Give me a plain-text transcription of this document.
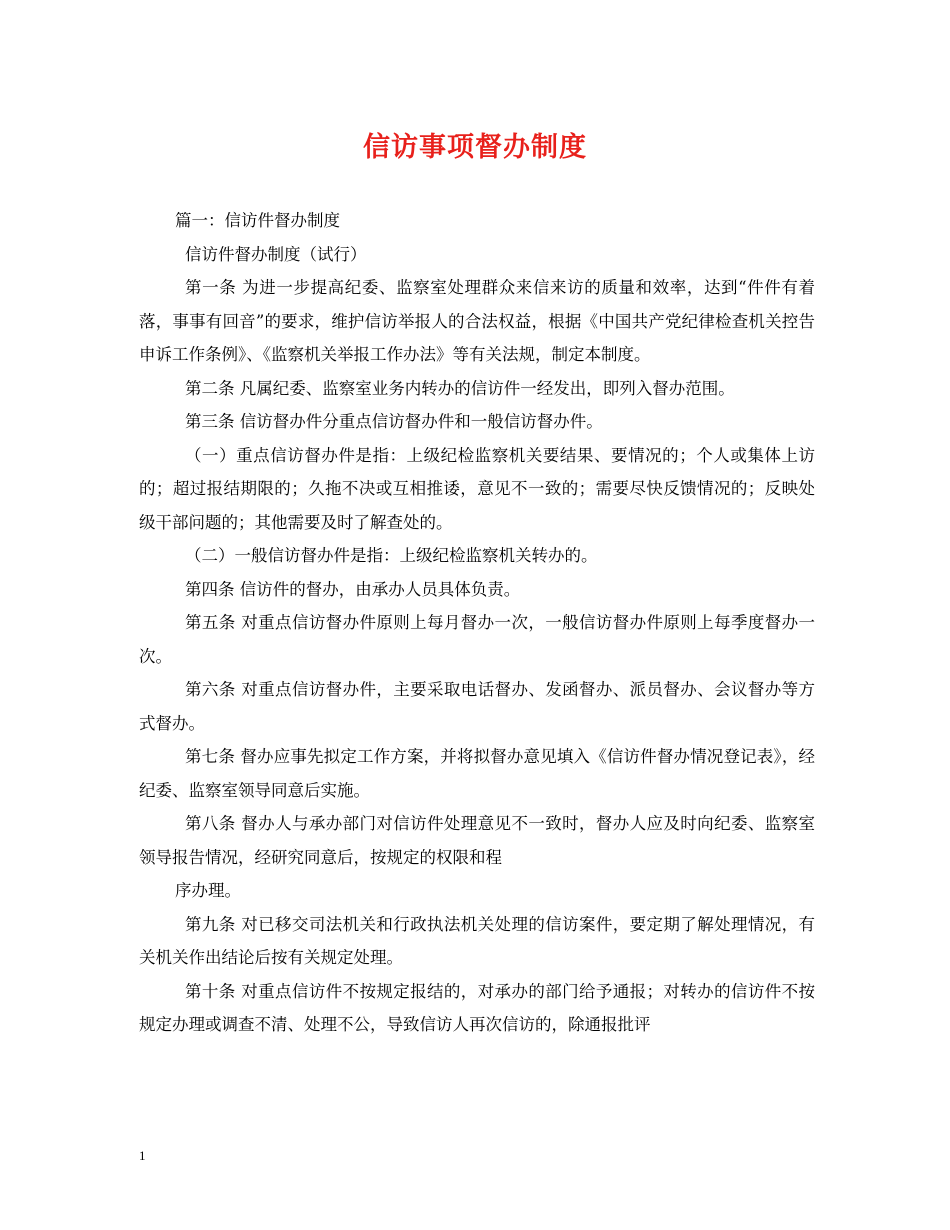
信访事项督办制度

篇一：信访件督办制度

信访件督办制度（试行）

第一条 为进一步提高纪委、监察室处理群众来信来访的质量和效率，达到“件件有着落，事事有回音”的要求，维护信访举报人的合法权益，根据《中国共产党纪律检查机关控告申诉工作条例》、《监察机关举报工作办法》等有关法规，制定本制度。

第二条 凡属纪委、监察室业务内转办的信访件一经发出，即列入督办范围。

第三条 信访督办件分重点信访督办件和一般信访督办件。

（一）重点信访督办件是指：上级纪检监察机关要结果、要情况的；个人或集体上访的；超过报结期限的；久拖不决或互相推诿，意见不一致的；需要尽快反馈情况的；反映处级干部问题的；其他需要及时了解查处的。

（二）一般信访督办件是指：上级纪检监察机关转办的。

第四条 信访件的督办，由承办人员具体负责。

第五条 对重点信访督办件原则上每月督办一次，一般信访督办件原则上每季度督办一次。

第六条 对重点信访督办件，主要采取电话督办、发函督办、派员督办、会议督办等方式督办。

第七条 督办应事先拟定工作方案，并将拟督办意见填入《信访件督办情况登记表》，经纪委、监察室领导同意后实施。

第八条 督办人与承办部门对信访件处理意见不一致时，督办人应及时向纪委、监察室领导报告情况，经研究同意后，按规定的权限和程

序办理。

第九条 对已移交司法机关和行政执法机关处理的信访案件，要定期了解处理情况，有关机关作出结论后按有关规定处理。

第十条 对重点信访件不按规定报结的，对承办的部门给予通报；对转办的信访件不按规定办理或调查不清、处理不公，导致信访人再次信访的，除通报批评

1
